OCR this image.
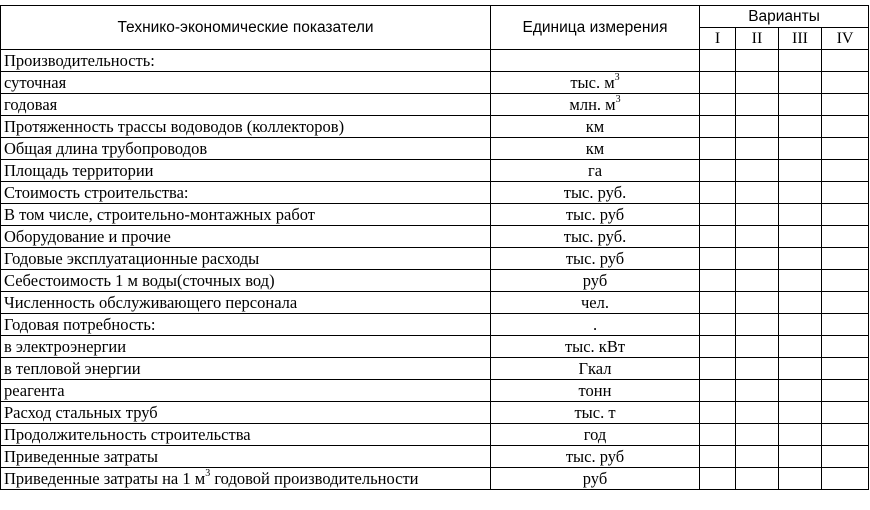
Технико-экономические показатели	Единица измерения	Варианты			
		I	II	III	IV
Производительность:					
суточная	тыс. $м^3$				
годовая	млн. $м^3$				
Протяженность трассы водоводов (коллекторов)	км				
Общая длина трубопроводов	км				
Площадь территории	га				
Стоимость строительства:	тыс. руб.				
В том числе, строительно-монтажных работ	тыс. руб				
Оборудование и прочие	тыс. руб.				
Годовые эксплуатационные расходы	тыс. руб				
Себестоимость 1 м воды(сточных вод)	руб				
Численность обслуживающего персонала	чел.				
Годовая потребность:	.				
в электроэнергии	тыс. кВт				
в тепловой энергии	Гкал				
реагента	тонн				
Расход стальных труб	тыс. т				
Продолжительность строительства	год				
Приведенные затраты	тыс. руб				
Приведенные затраты на 1 $м^3$ годовой производительности	руб				
